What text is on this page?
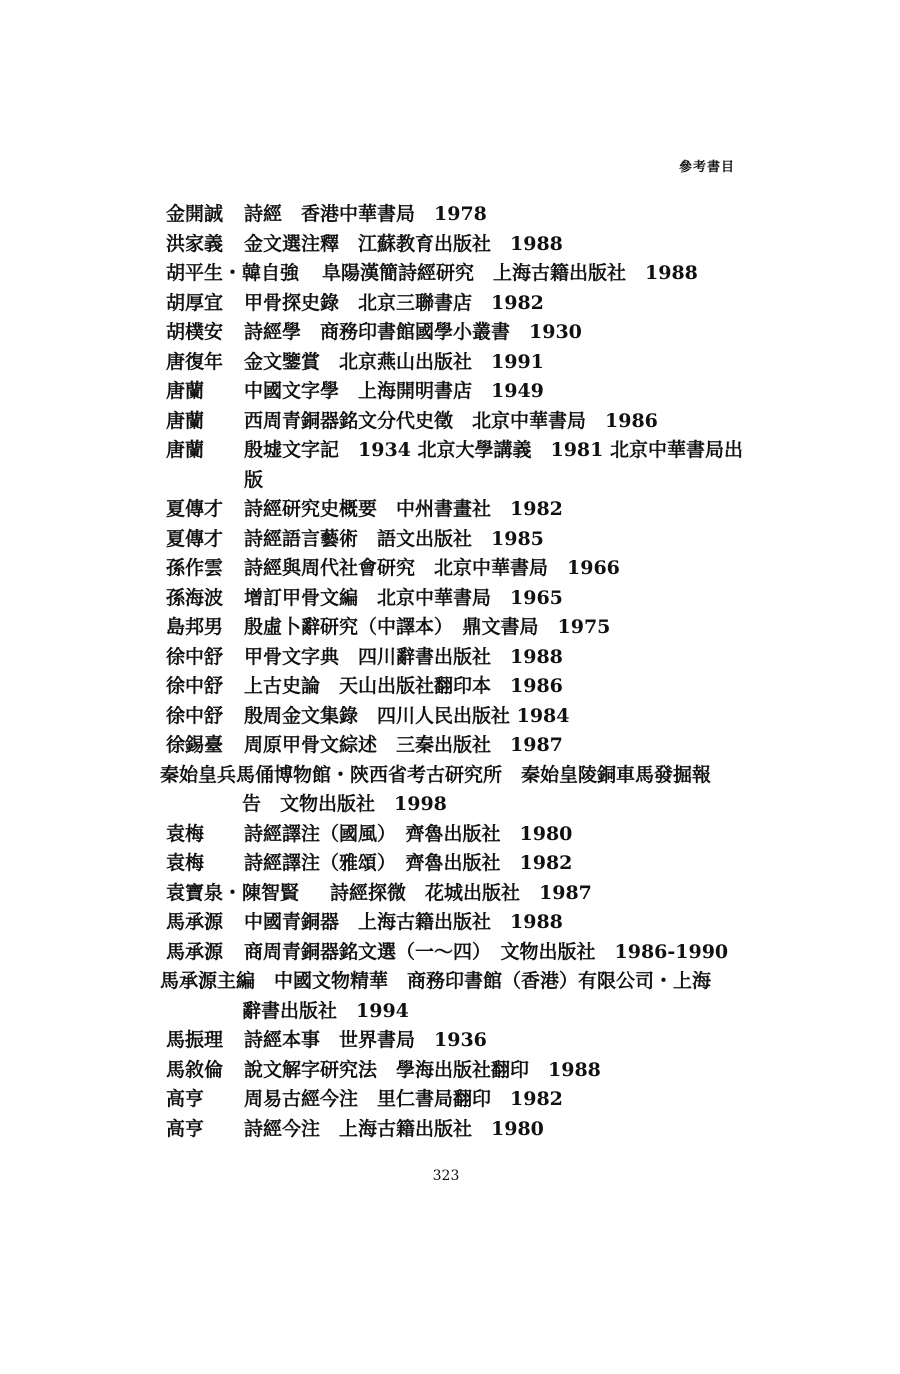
參考書目
金開誠 詩經　香港中華書局　1978
洪家義 金文選注釋　江蘇教育出版社　1988
胡平生・韓自強 阜陽漢簡詩經研究　上海古籍出版社　1988
胡厚宜 甲骨探史錄　北京三聯書店　1982
胡樸安 詩經學　商務印書館國學小叢書　1930
唐復年 金文鑒賞　北京燕山出版社　1991
唐蘭 中國文字學　上海開明書店　1949
唐蘭 西周青銅器銘文分代史徵　北京中華書局　1986
唐蘭 殷墟文字記　1934 北京大學講義　1981 北京中華書局出版
夏傳才 詩經研究史概要　中州書畫社　1982
夏傳才 詩經語言藝術　語文出版社　1985
孫作雲 詩經與周代社會研究　北京中華書局　1966
孫海波 增訂甲骨文編　北京中華書局　1965
島邦男 殷虛卜辭研究（中譯本）　鼎文書局　1975
徐中舒 甲骨文字典　四川辭書出版社　1988
徐中舒 上古史論　天山出版社翻印本　1986
徐中舒 殷周金文集錄　四川人民出版社 1984
徐錫臺 周原甲骨文綜述　三秦出版社　1987
秦始皇兵馬俑博物館・陝西省考古研究所　秦始皇陵銅車馬發掘報
告　文物出版社　1998
袁梅 詩經譯注（國風）　齊魯出版社　1980
袁梅 詩經譯注（雅頌）　齊魯出版社　1982
袁寶泉・陳智賢 詩經探微　花城出版社　1987
馬承源 中國青銅器　上海古籍出版社　1988
馬承源 商周青銅器銘文選（一～四）　文物出版社　1986-1990
馬承源主編　中國文物精華　商務印書館（香港）有限公司・上海
辭書出版社　1994
馬振理 詩經本事　世界書局　1936
馬敘倫 說文解字研究法　學海出版社翻印　1988
高亨 周易古經今注　里仁書局翻印　1982
高亨 詩經今注　上海古籍出版社　1980
323
